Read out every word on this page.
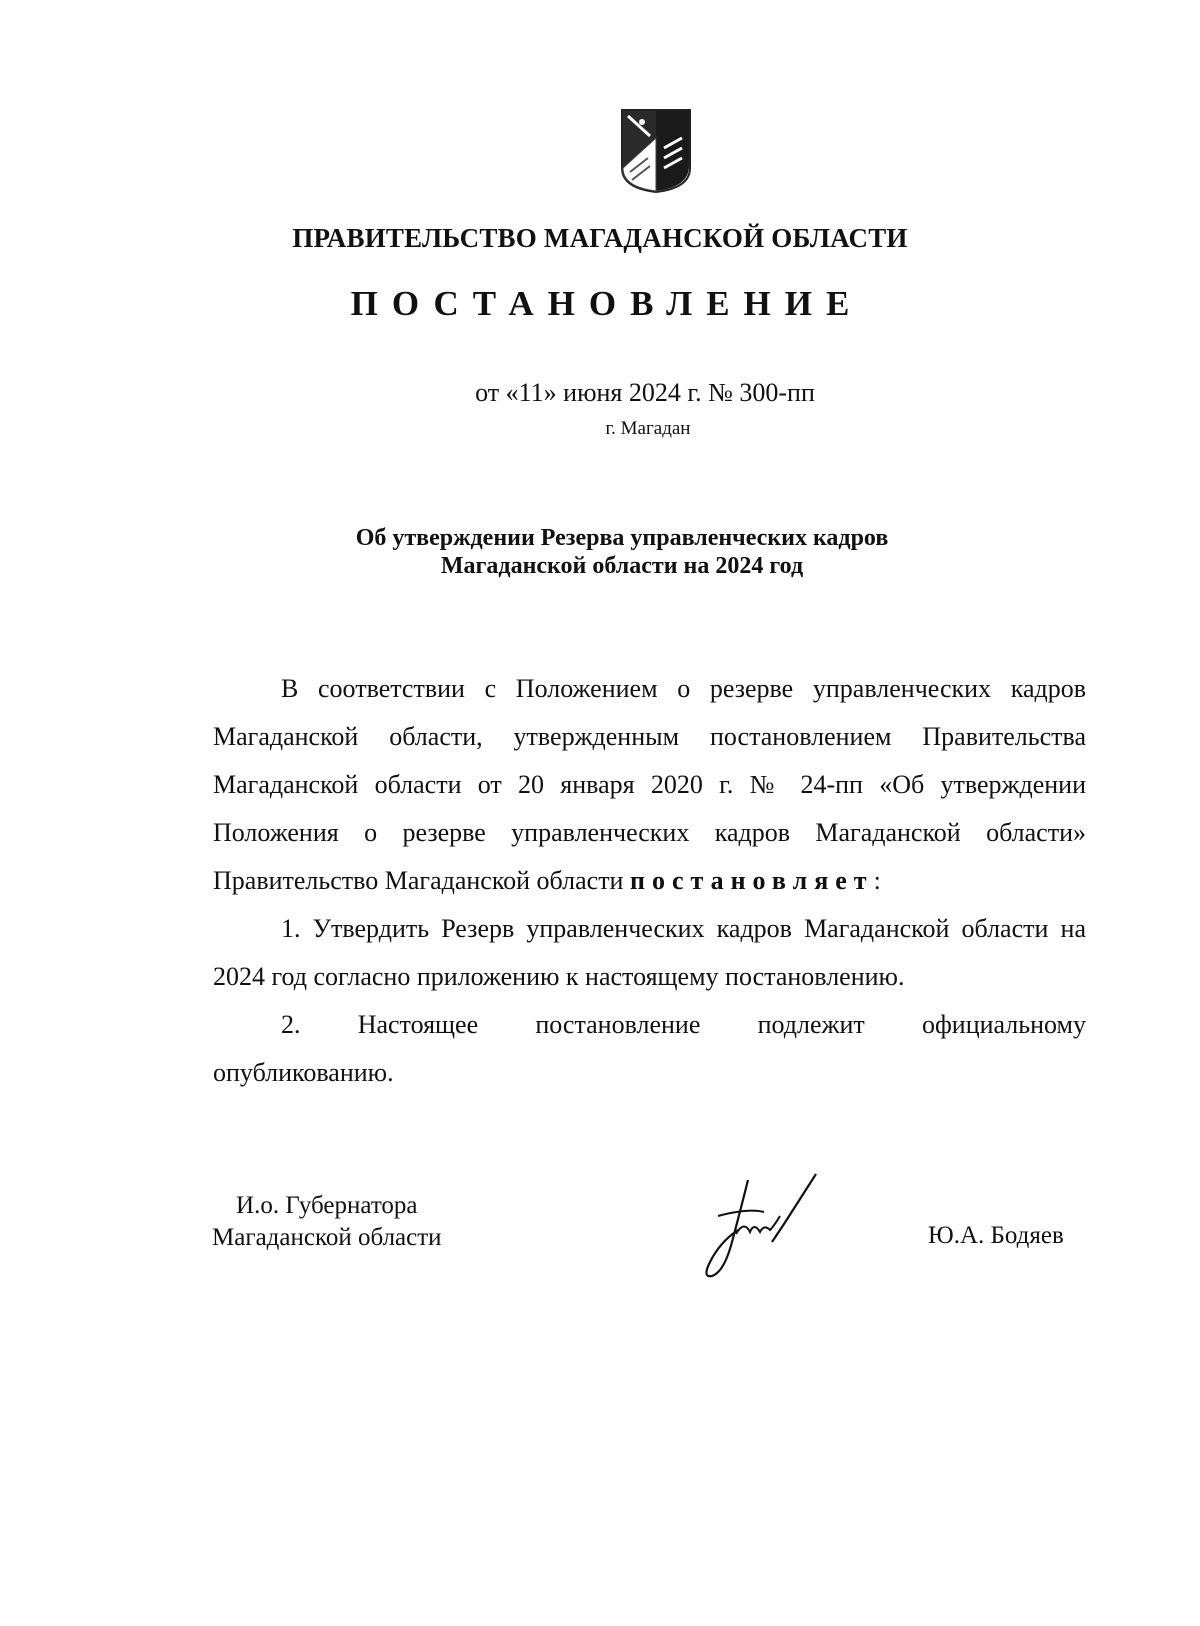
ПРАВИТЕЛЬСТВО МАГАДАНСКОЙ ОБЛАСТИ
ПОСТАНОВЛЕНИЕ
от «11» июня 2024 г. № 300-пп
г. Магадан
Об утверждении Резерва управленческих кадров
Магаданской области на 2024 год

В соответствии с Положением о резерве управленческих кадров Магаданской области, утвержденным постановлением Правительства Магаданской области от 20 января 2020 г. № 24-пп «Об утверждении Положения о резерве управленческих кадров Магаданской области» Правительство Магаданской области постановляет:

1. Утвердить Резерв управленческих кадров Магаданской области на 2024 год согласно приложению к настоящему постановлению.

2. Настоящее постановление подлежит официальному

опубликованию.

И.о. Губернатора
Магаданской области	Ю.А. Бодяев
